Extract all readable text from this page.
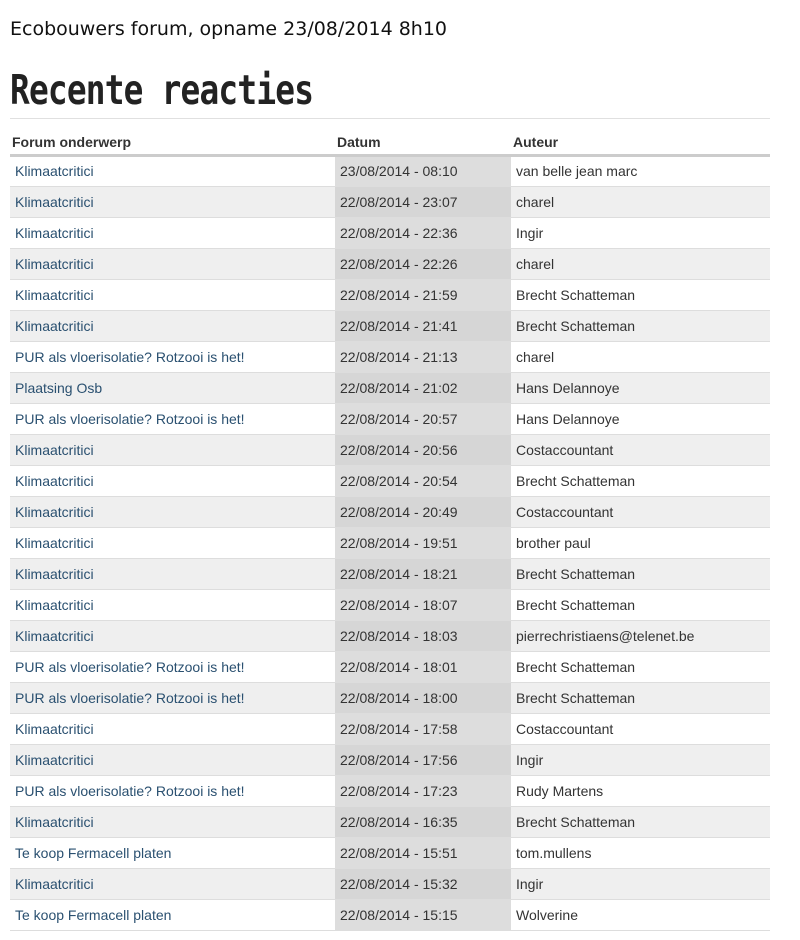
Ecobouwers forum, opname 23/08/2014 8h10
Recente reacties
Forum onderwerp	Datum	Auteur
Klimaatcritici	23/08/2014 - 08:10	van belle jean marc
Klimaatcritici	22/08/2014 - 23:07	charel
Klimaatcritici	22/08/2014 - 22:36	Ingir
Klimaatcritici	22/08/2014 - 22:26	charel
Klimaatcritici	22/08/2014 - 21:59	Brecht Schatteman
Klimaatcritici	22/08/2014 - 21:41	Brecht Schatteman
PUR als vloerisolatie? Rotzooi is het!	22/08/2014 - 21:13	charel
Plaatsing Osb	22/08/2014 - 21:02	Hans Delannoye
PUR als vloerisolatie? Rotzooi is het!	22/08/2014 - 20:57	Hans Delannoye
Klimaatcritici	22/08/2014 - 20:56	Costaccountant
Klimaatcritici	22/08/2014 - 20:54	Brecht Schatteman
Klimaatcritici	22/08/2014 - 20:49	Costaccountant
Klimaatcritici	22/08/2014 - 19:51	brother paul
Klimaatcritici	22/08/2014 - 18:21	Brecht Schatteman
Klimaatcritici	22/08/2014 - 18:07	Brecht Schatteman
Klimaatcritici	22/08/2014 - 18:03	pierrechristiaens@telenet.be
PUR als vloerisolatie? Rotzooi is het!	22/08/2014 - 18:01	Brecht Schatteman
PUR als vloerisolatie? Rotzooi is het!	22/08/2014 - 18:00	Brecht Schatteman
Klimaatcritici	22/08/2014 - 17:58	Costaccountant
Klimaatcritici	22/08/2014 - 17:56	Ingir
PUR als vloerisolatie? Rotzooi is het!	22/08/2014 - 17:23	Rudy Martens
Klimaatcritici	22/08/2014 - 16:35	Brecht Schatteman
Te koop Fermacell platen	22/08/2014 - 15:51	tom.mullens
Klimaatcritici	22/08/2014 - 15:32	Ingir
Te koop Fermacell platen	22/08/2014 - 15:15	Wolverine
